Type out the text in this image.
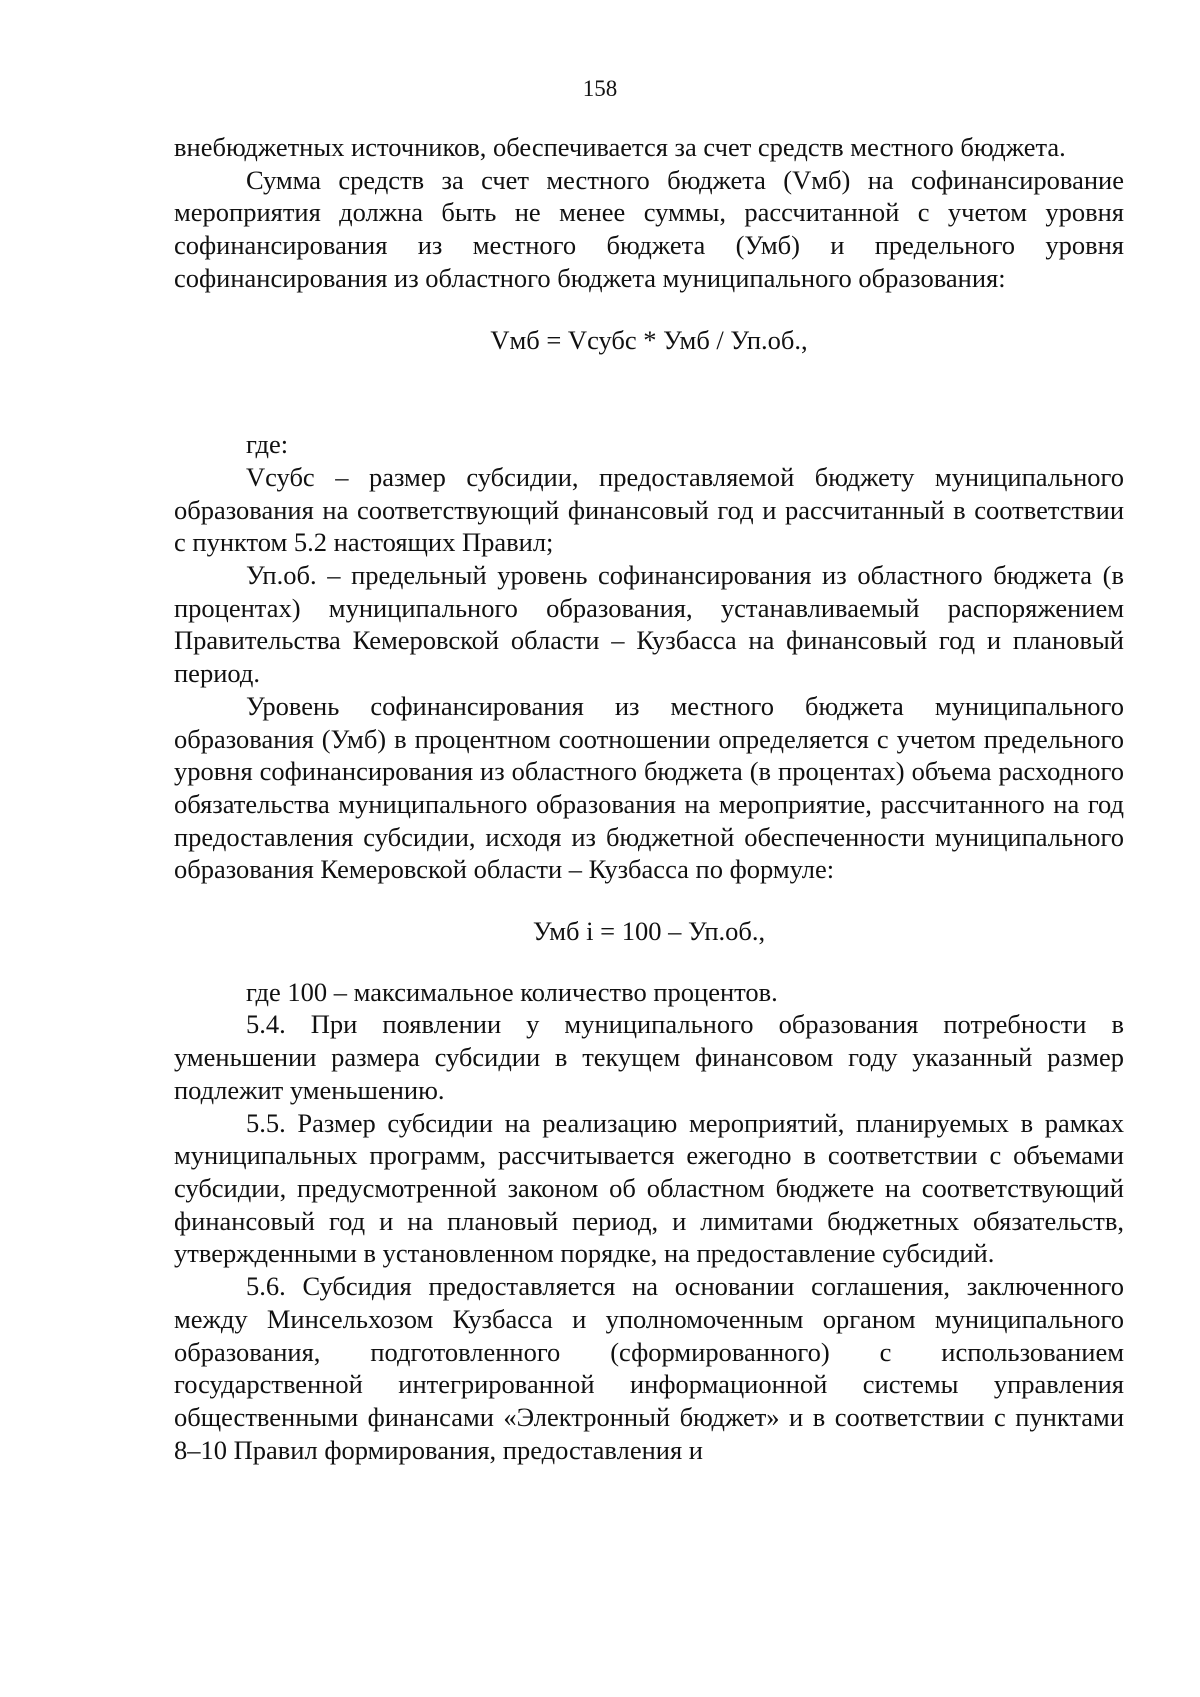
158

внебюджетных источников, обеспечивается за счет средств местного бюджета.

Сумма средств за счет местного бюджета (Vмб) на софинансирование мероприятия должна быть не менее суммы, рассчитанной с учетом уровня софинансирования из местного бюджета (Умб) и предельного уровня софинансирования из областного бюджета муниципального образования:

Vмб = Vсубс * Умб / Уп.об.,

где:

Vсубс – размер субсидии, предоставляемой бюджету муниципального образования на соответствующий финансовый год и рассчитанный в соответствии с пунктом 5.2 настоящих Правил;

Уп.об. – предельный уровень софинансирования из областного бюджета (в процентах) муниципального образования, устанавливаемый распоряжением Правительства Кемеровской области – Кузбасса на финансовый год и плановый период.

Уровень софинансирования из местного бюджета муниципального образования (Умб) в процентном соотношении определяется с учетом предельного уровня софинансирования из областного бюджета (в процентах) объема расходного обязательства муниципального образования на мероприятие, рассчитанного на год предоставления субсидии, исходя из бюджетной обеспеченности муниципального образования Кемеровской области – Кузбасса по формуле:

Умб i = 100 – Уп.об.,

где 100 – максимальное количество процентов.

5.4. При появлении у муниципального образования потребности в уменьшении размера субсидии в текущем финансовом году указанный размер подлежит уменьшению.

5.5. Размер субсидии на реализацию мероприятий, планируемых в рамках муниципальных программ, рассчитывается ежегодно в соответствии с объемами субсидии, предусмотренной законом об областном бюджете на соответствующий финансовый год и на плановый период, и лимитами бюджетных обязательств, утвержденными в установленном порядке, на предоставление субсидий.

5.6. Субсидия предоставляется на основании соглашения, заключенного между Минсельхозом Кузбасса и уполномоченным органом муниципального образования, подготовленного (сформированного) с использованием государственной интегрированной информационной системы управления общественными финансами «Электронный бюджет» и в соответствии с пунктами 8–10 Правил формирования, предоставления и
